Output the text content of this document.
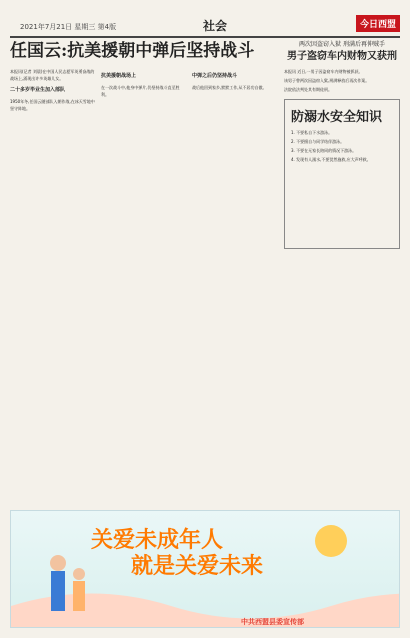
2021年7月21日 星期三 第4版	社会	今日西盟
任国云:抗美援朝中弹后坚持战斗
本报讯(记者 刘晨)在中国人民志愿军英勇奋战的战场上,涌现出许多英雄儿女。
二十多岁毕业生加入部队
1950年冬,任国云随部队入朝作战,在冰天雪地中坚守阵地。
抗美援朝战场上
在一次战斗中,他身中弹片,仍坚持战斗直至胜利。
中弹之后仍坚持战斗
战后他回到家乡,默默工作,从不居功自傲。
两次因盗窃入狱 刑满后再伸贼手
男子盗窃车内财物又获刑
本报讯 近日,一男子因盗窃车内财物被抓获。
该男子曾两次因盗窃入狱,刑满释放后再次作案。
法院依法判处其有期徒刑。
防溺水安全知识
1. 不要私自下水游泳。
2. 不要擅自与同学结伴游泳。
3. 不要在无家长陪同的情况下游泳。
4. 发现有人溺水,不要贸然施救,应大声呼救。
关爱未成年人
就是关爱未来
中共西盟县委宣传部
